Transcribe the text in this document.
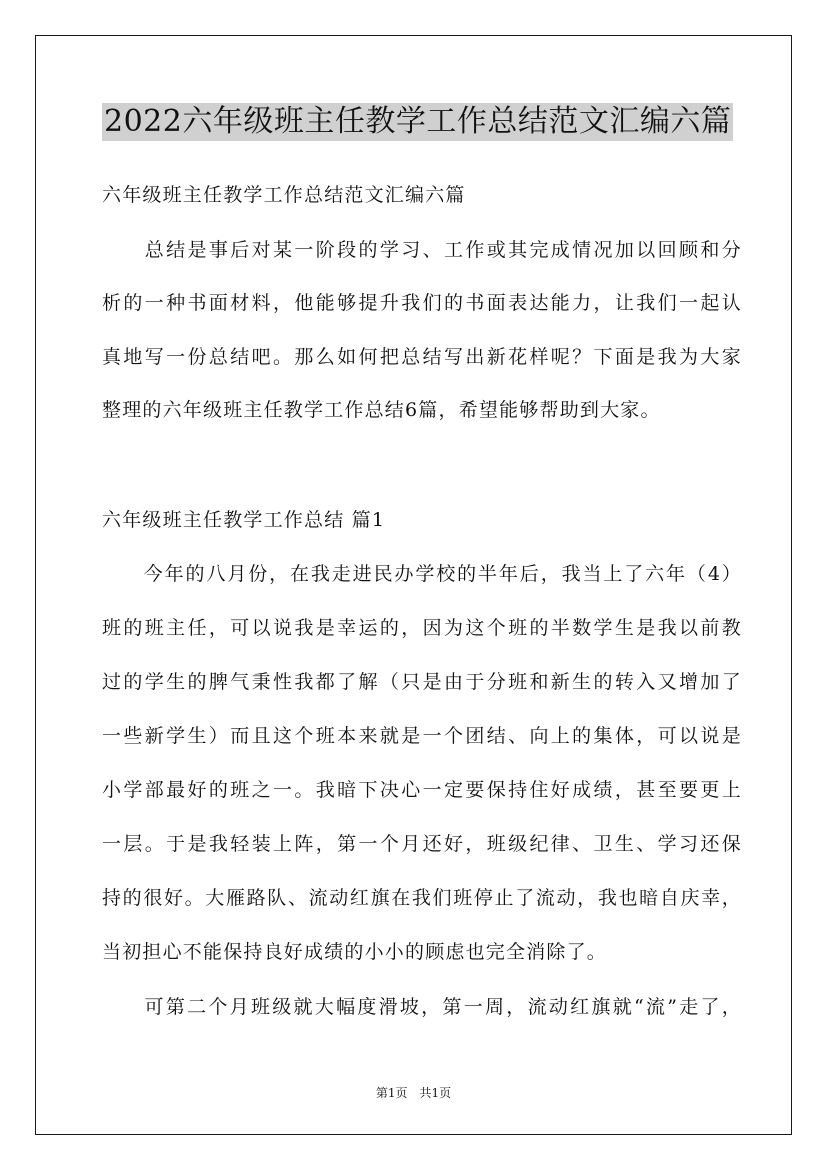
2022六年级班主任教学工作总结范文汇编六篇
六年级班主任教学工作总结范文汇编六篇
　　总结是事后对某一阶段的学习、工作或其完成情况加以回顾和分
析的一种书面材料，他能够提升我们的书面表达能力，让我们一起认
真地写一份总结吧。那么如何把总结写出新花样呢？下面是我为大家
整理的六年级班主任教学工作总结6篇，希望能够帮助到大家。
六年级班主任教学工作总结 篇1
　　今年的八月份，在我走进民办学校的半年后，我当上了六年（4）
班的班主任，可以说我是幸运的，因为这个班的半数学生是我以前教
过的学生的脾气秉性我都了解（只是由于分班和新生的转入又增加了
一些新学生）而且这个班本来就是一个团结、向上的集体，可以说是
小学部最好的班之一。我暗下决心一定要保持住好成绩，甚至要更上
一层。于是我轻装上阵，第一个月还好，班级纪律、卫生、学习还保
持的很好。大雁路队、流动红旗在我们班停止了流动，我也暗自庆幸，
当初担心不能保持良好成绩的小小的顾虑也完全消除了。
　　可第二个月班级就大幅度滑坡，第一周，流动红旗就“流”走了，
第1页　共1页
